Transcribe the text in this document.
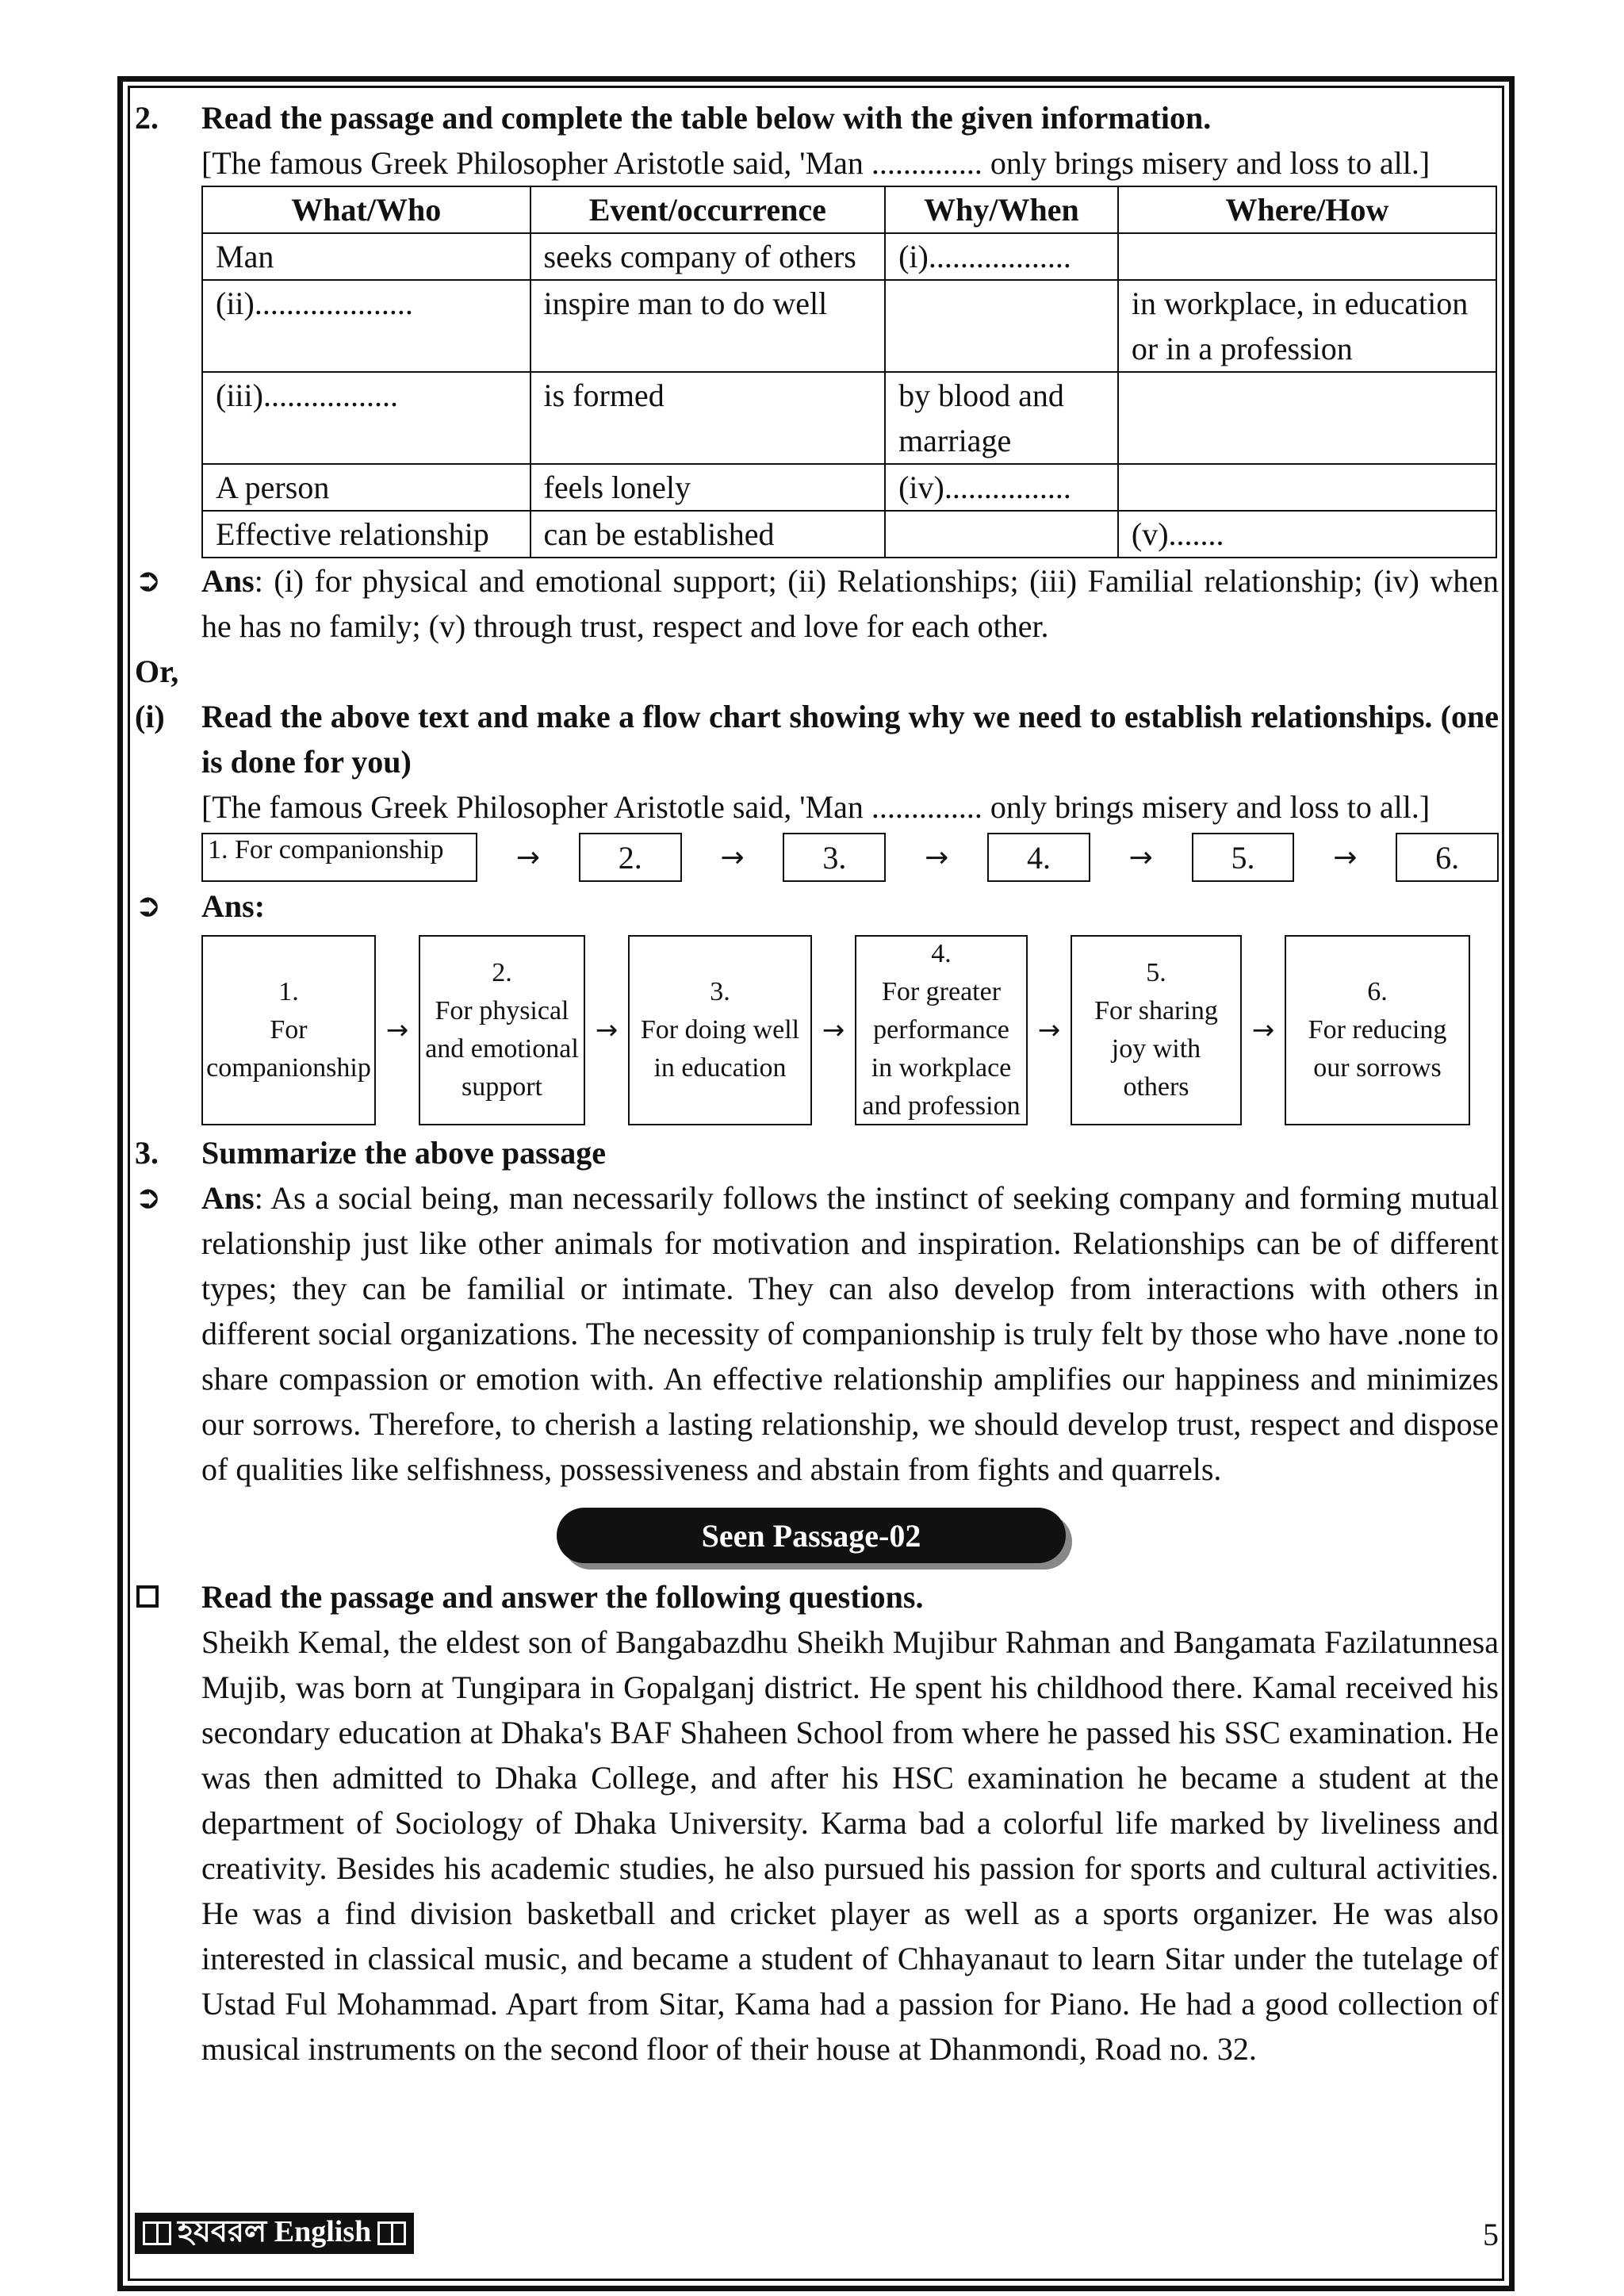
2.	Read the passage and complete the table below with the given information.
[The famous Greek Philosopher Aristotle said, 'Man .............. only brings misery and loss to all.]
What/Who	Event/occurrence	Why/When	Where/How
Man	seeks company of others	(i)..................	
(ii)....................	inspire man to do well		in workplace, in education or in a profession
(iii).................	is formed	by blood and marriage	
A person	feels lonely	(iv)................	
Effective relationship	can be established		(v).......
➲	Ans: (i) for physical and emotional support; (ii) Relationships; (iii) Familial relationship; (iv) when he has no family; (v) through trust, respect and love for each other.
Or,
(i)	Read the above text and make a flow chart showing why we need to establish relationships. (one is done for you)
[The famous Greek Philosopher Aristotle said, 'Man .............. only brings misery and loss to all.]
1. For companionship	→	2.	→	3.	→	4.	→	5.	→	6.
➲	Ans:
1.
For
companionship
→
2.
For physical
and emotional
support
→
3.
For doing well
in education
→
4.
For greater
performance
in workplace
and profession
→
5.
For sharing
joy with
others
→
6.
For reducing
our sorrows
3.	Summarize the above passage
➲	Ans: As a social being, man necessarily follows the instinct of seeking company and forming mutual relationship just like other animals for motivation and inspiration. Relationships can be of different types; they can be familial or intimate. They can also develop from interactions with others in different social organizations. The necessity of companionship is truly felt by those who have .none to share compassion or emotion with. An effective relationship amplifies our happiness and minimizes our sorrows. Therefore, to cherish a lasting relationship, we should develop trust, respect and dispose of qualities like selfishness, possessiveness and abstain from fights and quarrels.
Seen Passage-02
Read the passage and answer the following questions.
Sheikh Kemal, the eldest son of Bangabazdhu Sheikh Mujibur Rahman and Bangamata Fazilatunnesa Mujib, was born at Tungipara in Gopalganj district. He spent his childhood there. Kamal received his secondary education at Dhaka's BAF Shaheen School from where he passed his SSC examination. He was then admitted to Dhaka College, and after his HSC examination he became a student at the department of Sociology of Dhaka University. Karma bad a colorful life marked by liveliness and creativity. Besides his academic studies, he also pursued his passion for sports and cultural activities. He was a find division basketball and cricket player as well as a sports organizer. He was also interested in classical music, and became a student of Chhayanaut to learn Sitar under the tutelage of Ustad Ful Mohammad. Apart from Sitar, Kama had a passion for Piano. He had a good collection of musical instruments on the second floor of their house at Dhanmondi, Road no. 32.
হযবরল English	5
